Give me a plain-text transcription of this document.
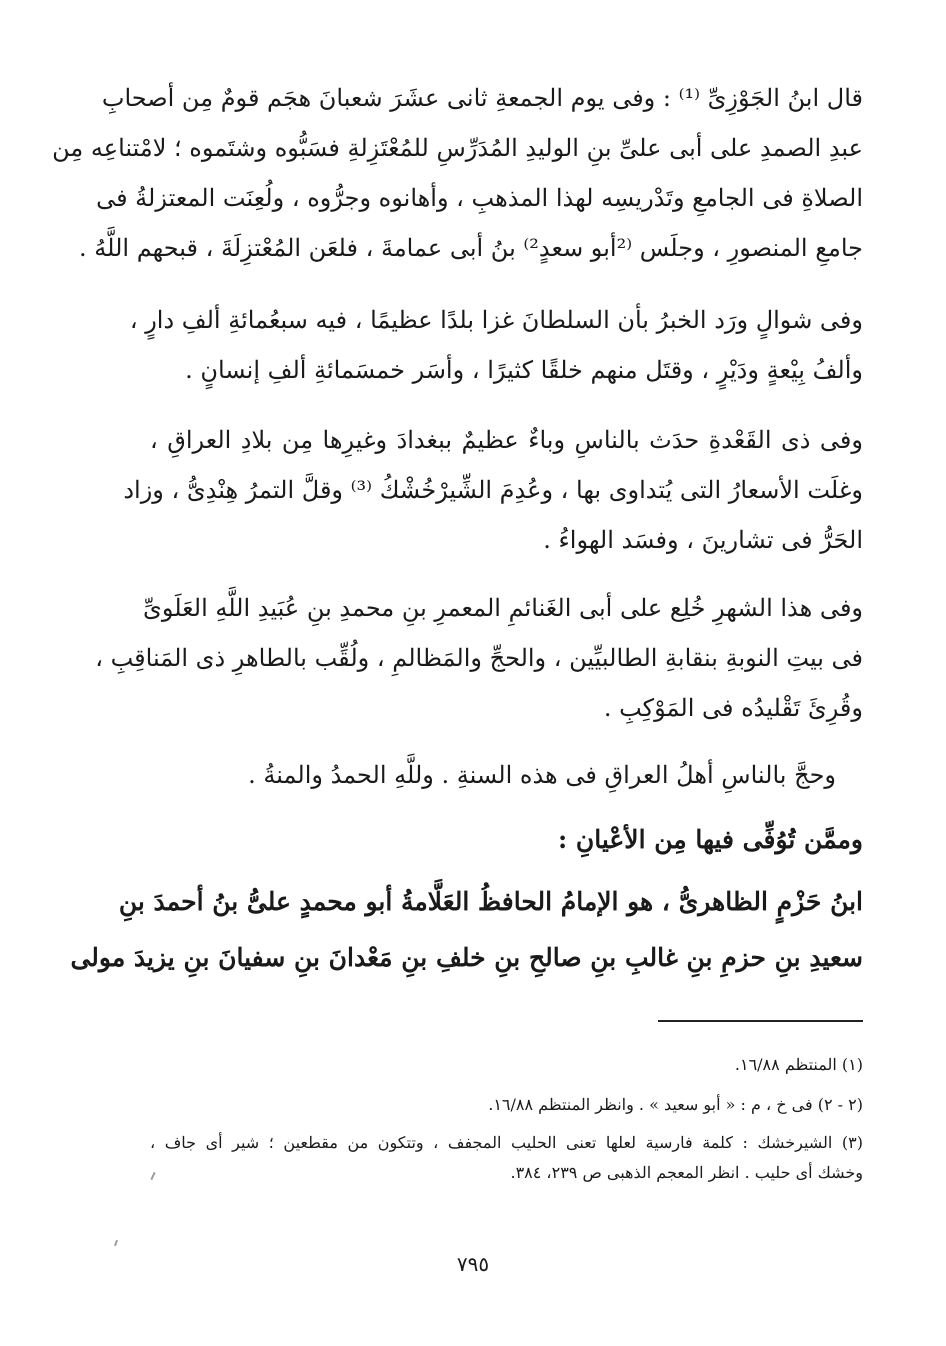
قال ابنُ الجَوْزِىِّ ⁽¹⁾ : وفى يوم الجمعةِ ثانى عشَرَ شعبانَ هجَم قومٌ مِن أصحابِ
عبدِ الصمدِ على أبى علىِّ بنِ الوليدِ المُدَرِّسِ للمُعْتَزِلةِ فسَبُّوه وشتَموه ؛ لامْتناعِه مِن
الصلاةِ فى الجامعِ وتَدْريسِه لهذا المذهبِ ، وأهانوه وجرُّوه ، ولُعِنَت المعتزلةُ فى
جامعِ المنصورِ ، وجلَس ⁽²أبو سعدٍ²⁾ بنُ أبى عمامةَ ، فلعَن المُعْتزِلَةَ ، قبحهم اللَّهُ .
وفى شوالٍ ورَد الخبرُ بأن السلطانَ غزا بلدًا عظيمًا ، فيه سبعُمائةِ ألفِ دارٍ ،
وألفُ بِيْعةٍ ودَيْرٍ ، وقتَل منهم خلقًا كثيرًا ، وأسَر خمسَمائةِ ألفِ إنسانٍ .
وفى ذى القَعْدةِ حدَث بالناسِ وباءٌ عظيمٌ ببغدادَ وغيرِها مِن بلادِ العراقِ ،
وغلَت الأسعارُ التى يُتداوى بها ، وعُدِمَ الشِّيرْخُشْكُ ⁽³⁾ وقلَّ التمرُ هِنْدِىُّ ، وزاد
الحَرُّ فى تشارينَ ، وفسَد الهواءُ .
وفى هذا الشهرِ خُلِع على أبى الغَنائمِ المعمرِ بنِ محمدِ بنِ عُبَيدِ اللَّهِ العَلَوىِّ
فى بيتِ النوبةِ بنقابةِ الطالبيِّين ، والحجِّ والمَظالمِ ، ولُقِّب بالطاهرِ ذى المَناقِبِ ،
وقُرِئَ تَقْليدُه فى المَوْكِبِ .
وحجَّ بالناسِ أهلُ العراقِ فى هذه السنةِ . وللَّهِ الحمدُ والمنةُ .
وممَّن تُوُفِّى فيها مِن الأعْيانِ :
ابنُ حَزْمٍ الظاهرىُّ ، هو الإمامُ الحافظُ العَلَّامةُ أبو محمدٍ علىُّ بنُ أحمدَ بنِ
سعيدِ بنِ حزمِ بنِ غالبِ بنِ صالحِ بنِ خلفِ بنِ مَعْدانَ بنِ سفيانَ بنِ يزيدَ مولى
(١) المنتظم ١٦/٨٨.
(٢ - ٢) فى خ ، م : « أبو سعيد » . وانظر المنتظم ١٦/٨٨.
(٣) الشيرخشك : كلمة فارسية لعلها تعنى الحليب المجفف ، وتتكون من مقطعين ؛ شير أى جاف ،
وخشك أى حليب . انظر المعجم الذهبى ص ٢٣٩، ٣٨٤.
٧٩٥
